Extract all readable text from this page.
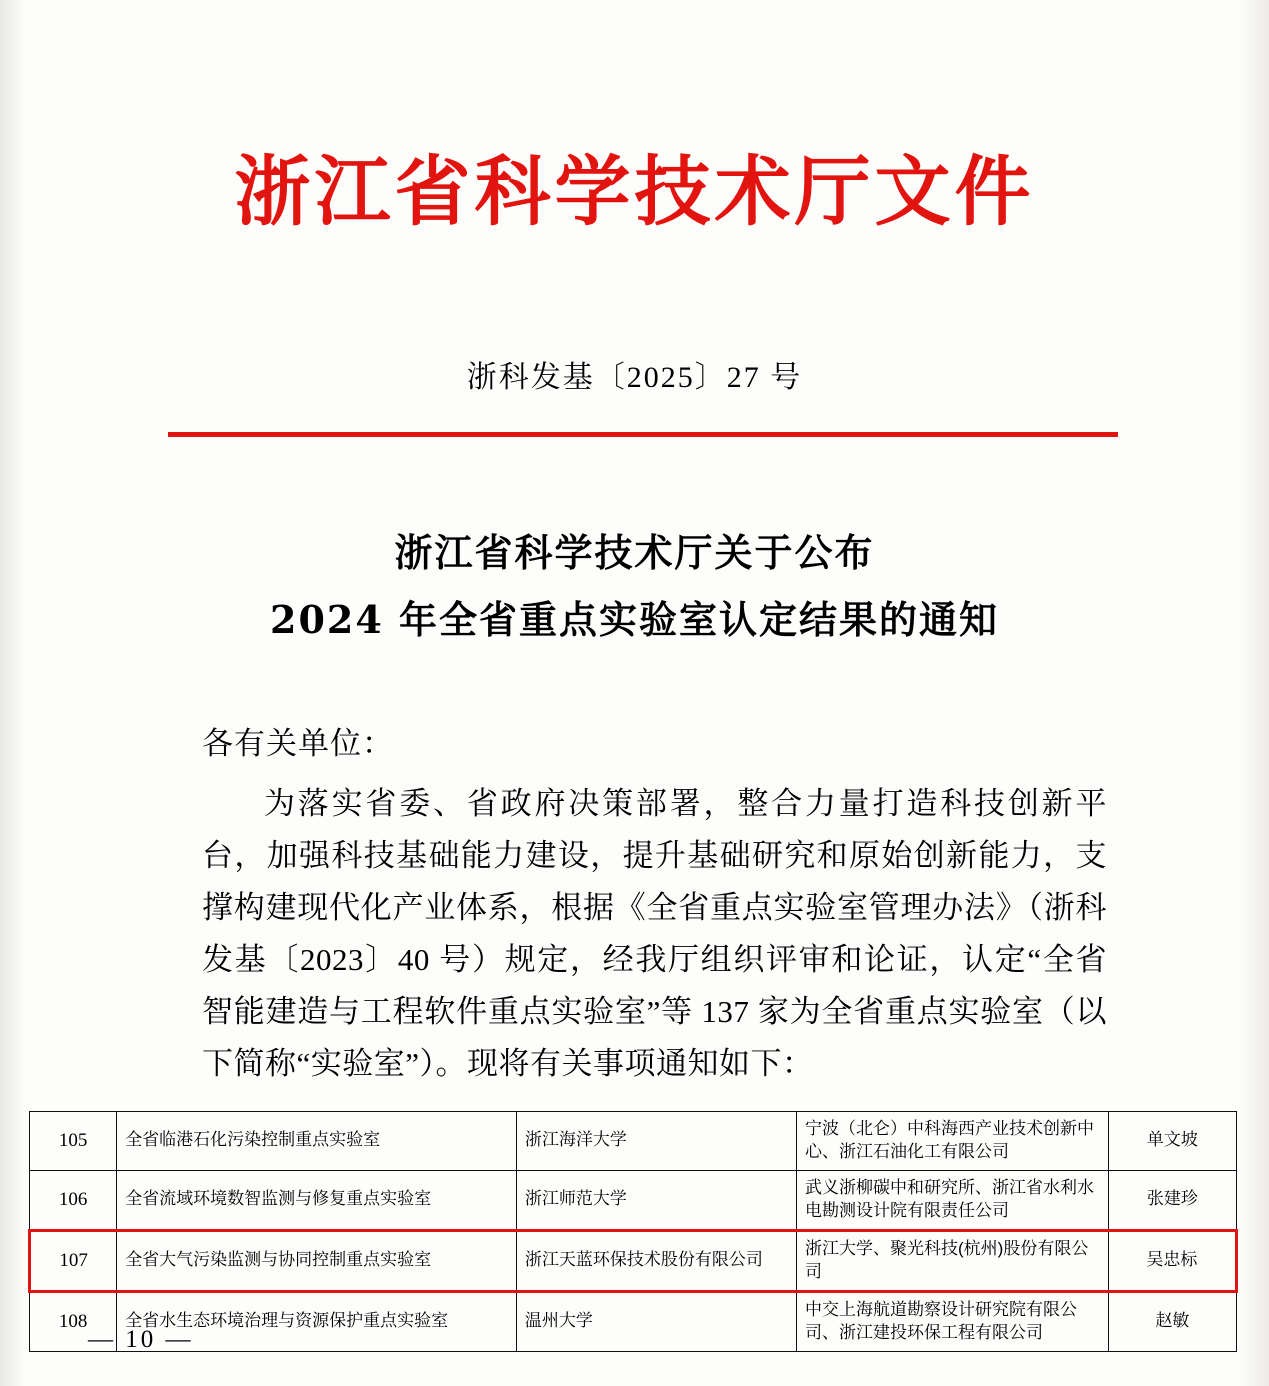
浙江省科学技术厅文件
浙科发基〔2025〕27 号
浙江省科学技术厅关于公布
2024 年全省重点实验室认定结果的通知
各有关单位：
为落实省委、省政府决策部署，整合力量打造科技创新平台，加强科技基础能力建设，提升基础研究和原始创新能力，支撑构建现代化产业体系，根据《全省重点实验室管理办法》（浙科发基〔2023〕40 号）规定，经我厅组织评审和论证，认定“全省智能建造与工程软件重点实验室”等 137 家为全省重点实验室（以下简称“实验室”）。现将有关事项通知如下：
105	全省临港石化污染控制重点实验室	浙江海洋大学	宁波（北仑）中科海西产业技术创新中心、浙江石油化工有限公司	单文坡
106	全省流域环境数智监测与修复重点实验室	浙江师范大学	武义浙柳碳中和研究所、浙江省水利水电勘测设计院有限责任公司	张建珍
107	全省大气污染监测与协同控制重点实验室	浙江天蓝环保技术股份有限公司	浙江大学、聚光科技(杭州)股份有限公司	吴忠标
108	全省水生态环境治理与资源保护重点实验室	温州大学	中交上海航道勘察设计研究院有限公司、浙江建投环保工程有限公司	赵敏
— 10 —
